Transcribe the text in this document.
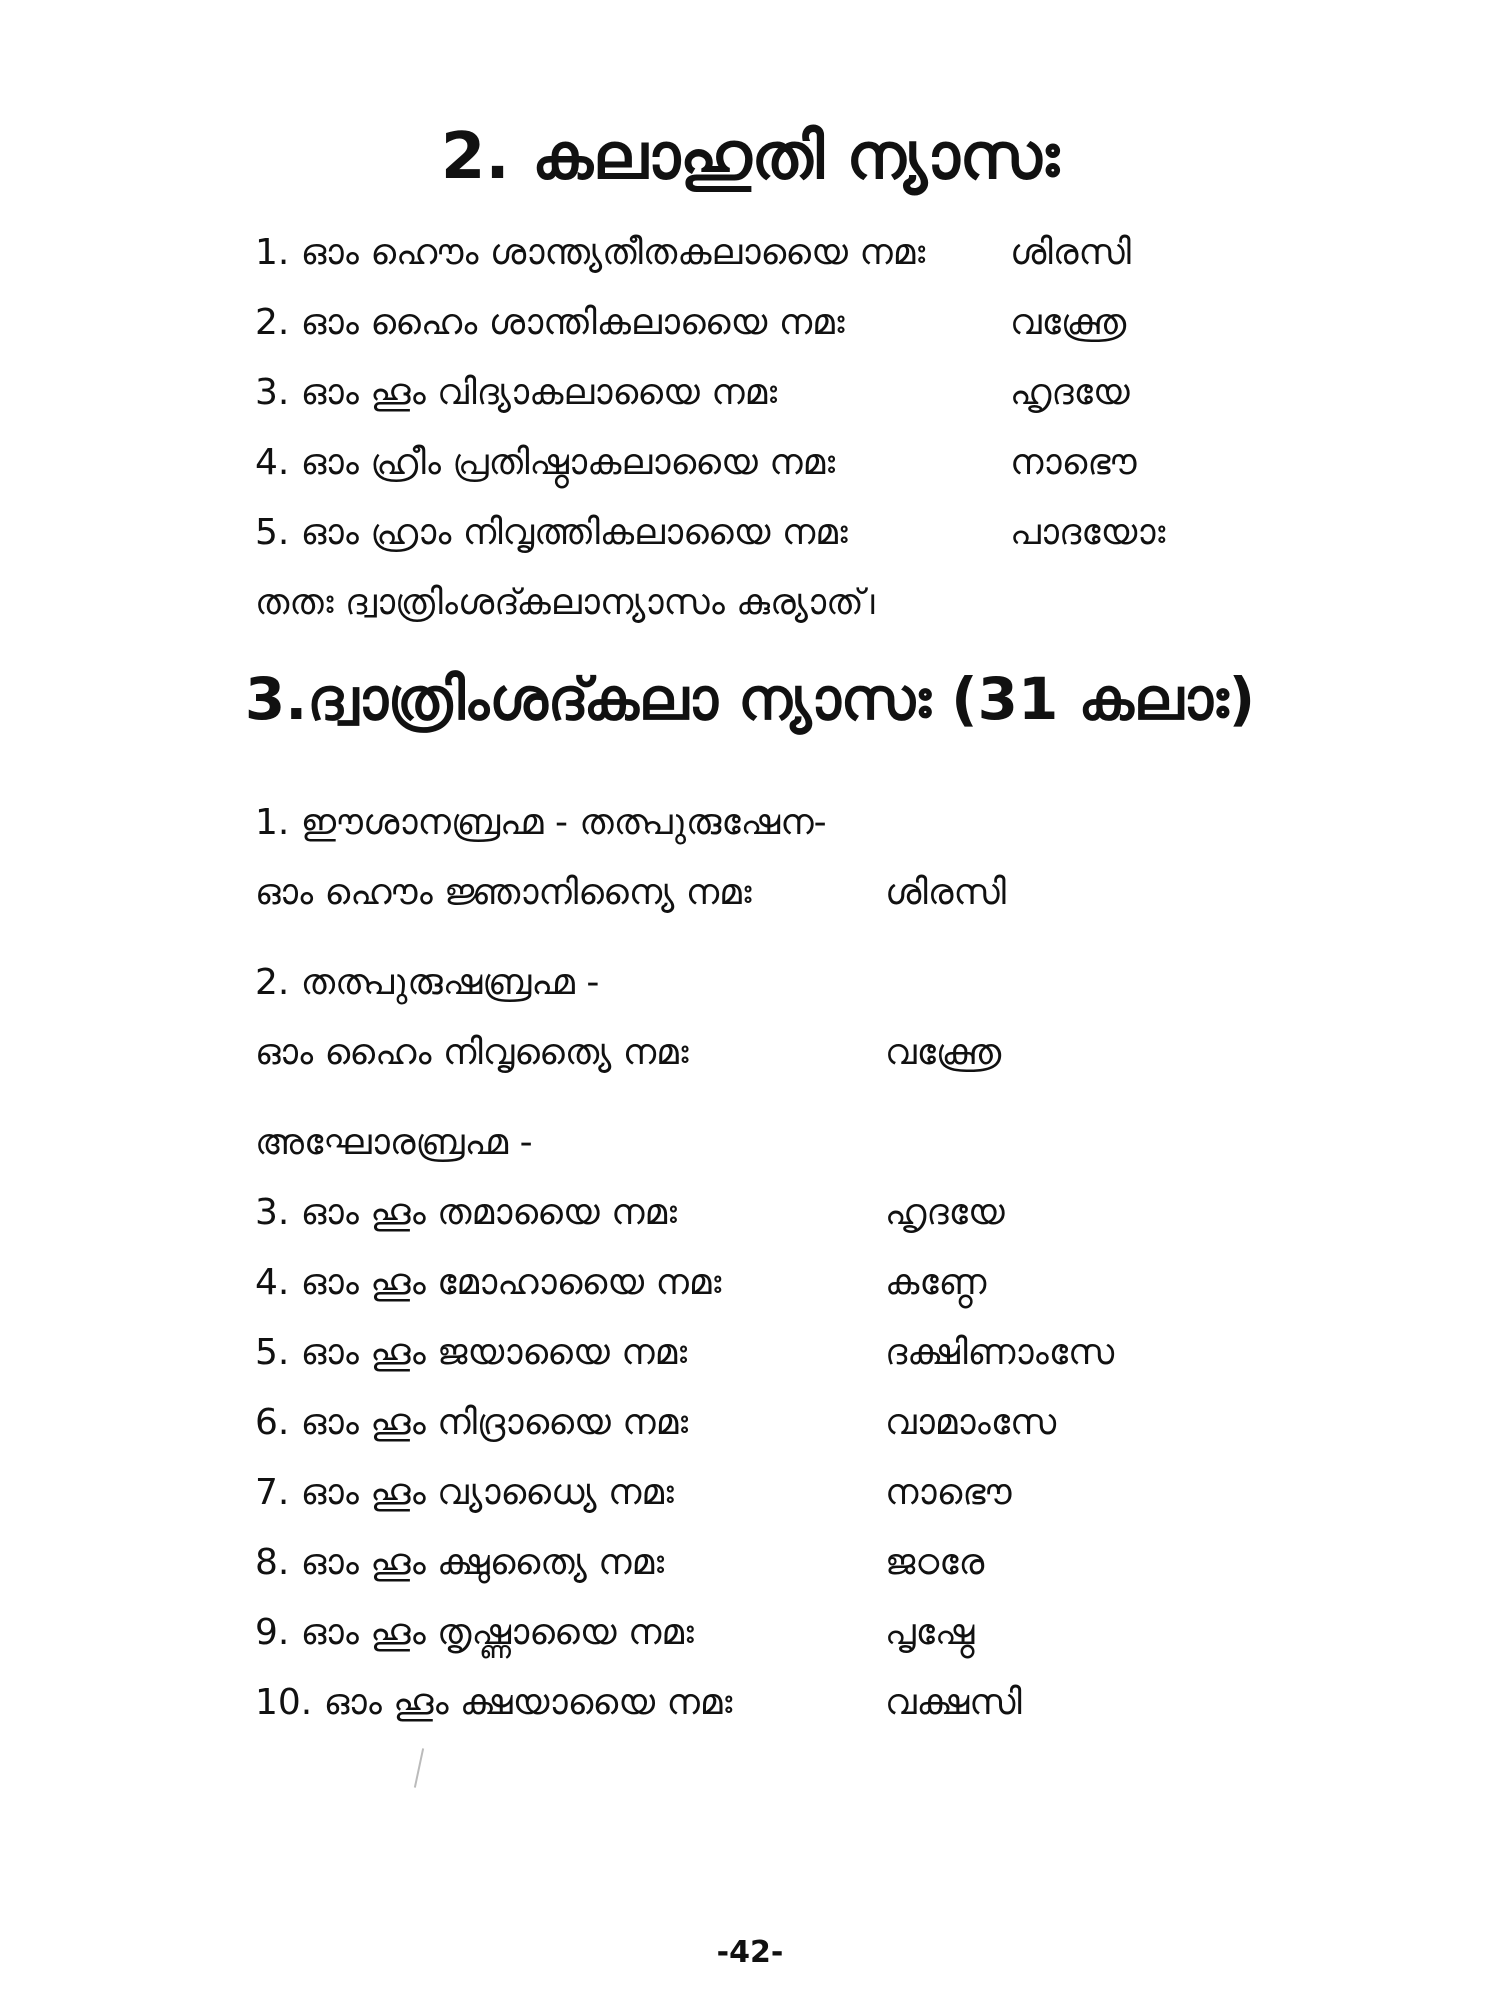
2. കലാഹുതി ന്യാസഃ
1. ഓം ഹൌം ശാന്ത്യതീതകലായൈ നമഃ ശിരസി
2. ഓം ഹൈം ശാന്തികലായൈ നമഃ	വക്ത്രേ
3. ഓം ഹൂം വിദ്യാകലായൈ നമഃ	ഹൃദയേ
4. ഓം ഹ്രീം പ്രതിഷ്ഠാകലായൈ നമഃ	നാഭൌ
5. ഓം ഹ്രാം നിവൃത്തികലായൈ നമഃ	പാദയോഃ
തതഃ ദ്വാത്രിംശദ്കലാന്യാസം കുര്യാത്‌।
3.ദ്വാത്രിംശദ്കലാ ന്യാസഃ (31 കലാഃ)
1. ഈശാനബ്രഹ്മ - തത്പുരുഷേന-
ഓം ഹൌം ജ്ഞാനിന്യൈ നമഃ	ശിരസി
2. തത്പുരുഷബ്രഹ്മ -
ഓം ഹൈം നിവൃത്യൈ നമഃ	വക്ത്രേ
അഘോരബ്രഹ്മ -
3. ഓം ഹൂം തമായൈ നമഃ	ഹൃദയേ
4. ഓം ഹൂം മോഹായൈ നമഃ	കണ്ഠേ
5. ഓം ഹൂം ജയായൈ നമഃ	ദക്ഷിണാംസേ
6. ഓം ഹൂം നിദ്രായൈ നമഃ	വാമാംസേ
7. ഓം ഹൂം വ്യാധ്യൈ നമഃ	നാഭൌ
8. ഓം ഹൂം ക്ഷുത്യൈ നമഃ	ജഠരേ
9. ഓം ഹൂം തൃഷ്ണായൈ നമഃ	പൃഷ്ഠേ
10. ഓം ഹൂം ക്ഷയായൈ നമഃ	വക്ഷസി
-42-
